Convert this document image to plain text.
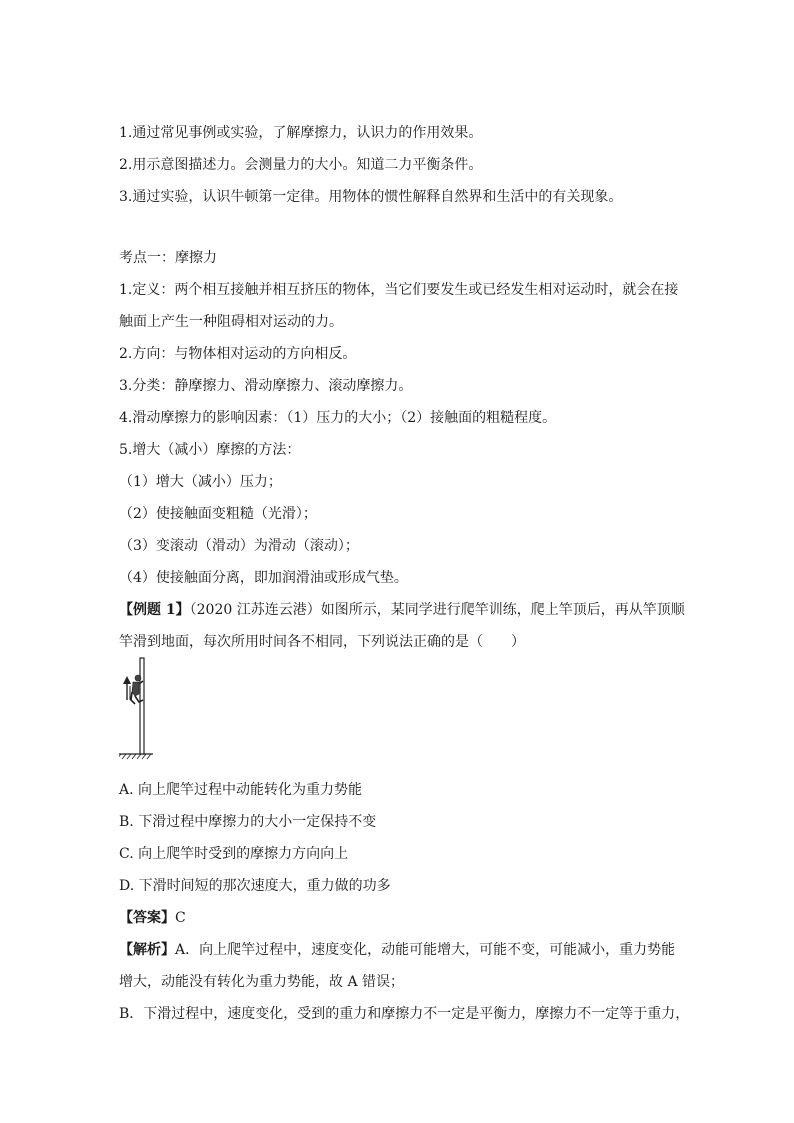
1.通过常见事例或实验，了解摩擦力，认识力的作用效果。
2.用示意图描述力。会测量力的大小。知道二力平衡条件。
3.通过实验，认识牛顿第一定律。用物体的惯性解释自然界和生活中的有关现象。
考点一：摩擦力
1.定义：两个相互接触并相互挤压的物体，当它们要发生或已经发生相对运动时，就会在接
触面上产生一种阻碍相对运动的力。
2.方向：与物体相对运动的方向相反。
3.分类：静摩擦力、滑动摩擦力、滚动摩擦力。
4.滑动摩擦力的影响因素：（1）压力的大小；（2）接触面的粗糙程度。
5.增大（减小）摩擦的方法：
（1）增大（减小）压力；
（2）使接触面变粗糙（光滑）；
（3）变滚动（滑动）为滑动（滚动）；
（4）使接触面分离，即加润滑油或形成气垫。
【例题 1】（2020 江苏连云港）如图所示，某同学进行爬竿训练，爬上竿顶后，再从竿顶顺
竿滑到地面，每次所用时间各不相同，下列说法正确的是（　　）
A. 向上爬竿过程中动能转化为重力势能
B. 下滑过程中摩擦力的大小一定保持不变
C. 向上爬竿时受到的摩擦力方向向上
D. 下滑时间短的那次速度大，重力做的功多
【答案】C
【解析】A．向上爬竿过程中，速度变化，动能可能增大，可能不变，可能减小，重力势能
增大，动能没有转化为重力势能，故 A 错误；
B．下滑过程中，速度变化，受到的重力和摩擦力不一定是平衡力，摩擦力不一定等于重力，
